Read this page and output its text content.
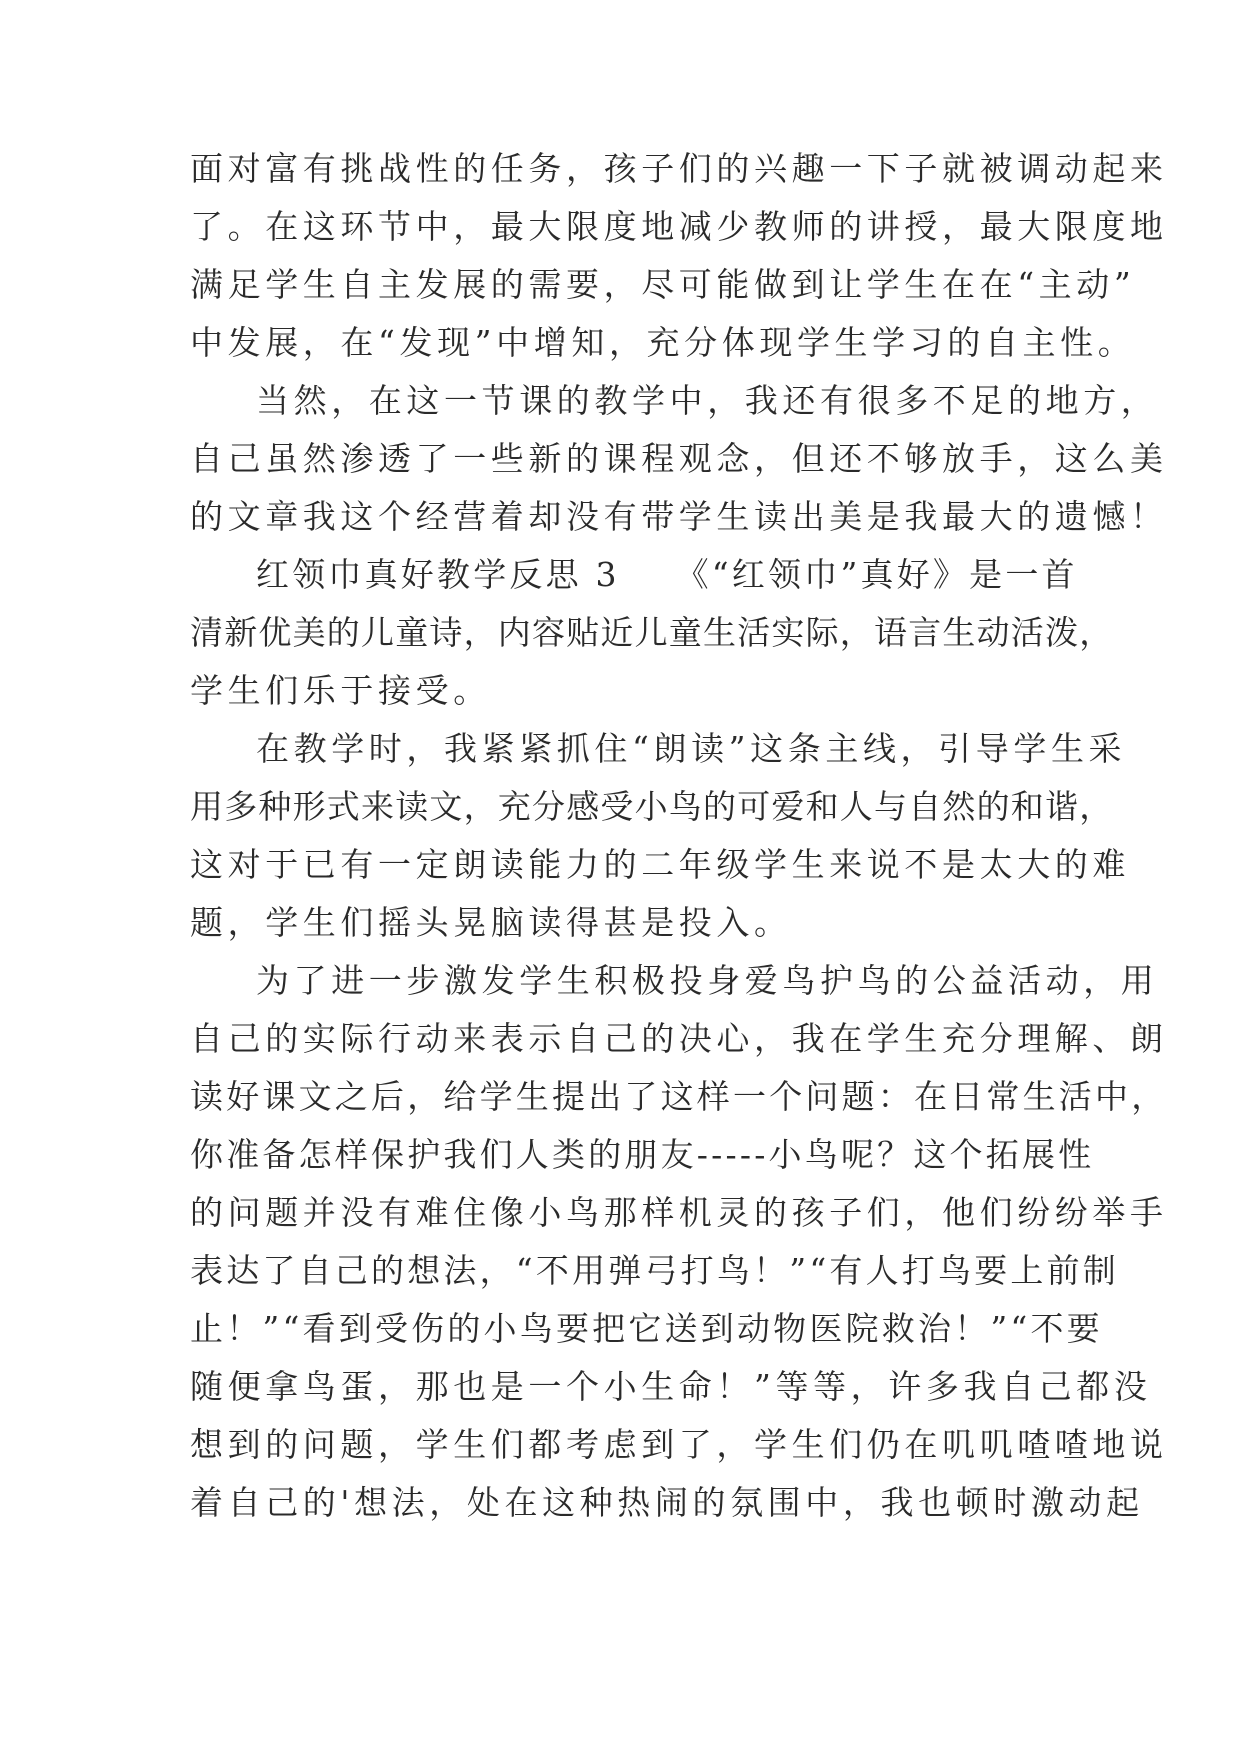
面对富有挑战性的任务，孩子们的兴趣一下子就被调动起来
了。在这环节中，最大限度地减少教师的讲授，最大限度地
满足学生自主发展的需要，尽可能做到让学生在在“主动”
中发展，在“发现”中增知，充分体现学生学习的自主性。
当然，在这一节课的教学中，我还有很多不足的地方，
自己虽然渗透了一些新的课程观念，但还不够放手，这么美
的文章我这个经营着却没有带学生读出美是我最大的遗憾！
红领巾真好教学反思 3　　《“红领巾”真好》是一首
清新优美的儿童诗，内容贴近儿童生活实际，语言生动活泼，
学生们乐于接受。
在教学时，我紧紧抓住“朗读”这条主线，引导学生采
用多种形式来读文，充分感受小鸟的可爱和人与自然的和谐，
这对于已有一定朗读能力的二年级学生来说不是太大的难
题，学生们摇头晃脑读得甚是投入。
为了进一步激发学生积极投身爱鸟护鸟的公益活动，用
自己的实际行动来表示自己的决心，我在学生充分理解、朗
读好课文之后，给学生提出了这样一个问题：在日常生活中，
你准备怎样保护我们人类的朋友-----小鸟呢？这个拓展性
的问题并没有难住像小鸟那样机灵的孩子们，他们纷纷举手
表达了自己的想法，“不用弹弓打鸟！”“有人打鸟要上前制
止！”“看到受伤的小鸟要把它送到动物医院救治！”“不要
随便拿鸟蛋，那也是一个小生命！”等等，许多我自己都没
想到的问题，学生们都考虑到了，学生们仍在叽叽喳喳地说
着自己的'想法，处在这种热闹的氛围中，我也顿时激动起
